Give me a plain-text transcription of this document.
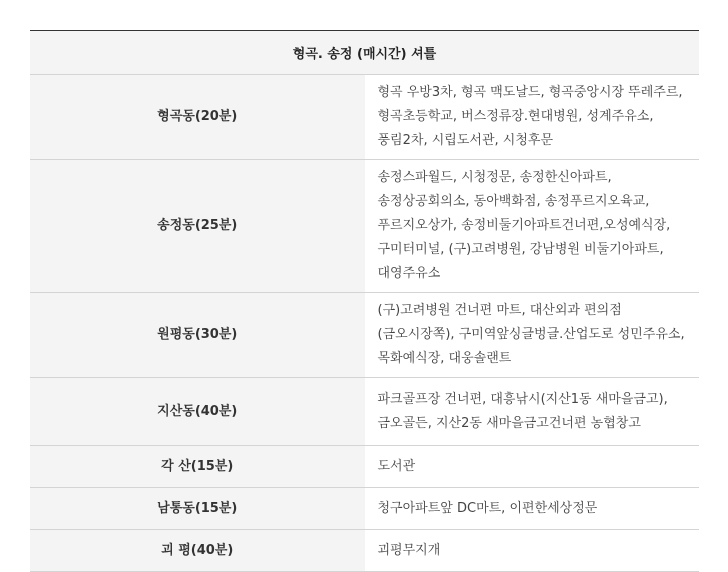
형곡. 송정 (매시간) 셔틀	
형곡동(20분)	형곡 우방3차, 형곡 맥도날드, 형곡중앙시장 뚜레주르, 형곡초등학교, 버스정류장.현대병원, 성계주유소, 풍림2차, 시립도서관, 시청후문
송정동(25분)	송정스파월드, 시청정문, 송정한신아파트, 송정상공회의소, 동아백화점, 송정푸르지오육교, 푸르지오상가, 송정비둘기아파트건너편,오성예식장,구미터미널, (구)고려병원, 강남병원 비둘기아파트, 대영주유소
원평동(30분)	(구)고려병원 건너편 마트, 대산외과 편의점(금오시장쪽), 구미역앞싱글벙글.산업도로 성민주유소, 목화예식장, 대웅솔랜트
지산동(40분)	파크골프장 건너편, 대흥낚시(지산1동 새마을금고), 금오골든, 지산2동 새마을금고건너편 농협창고
각 산(15분)	도서관
남통동(15분)	청구아파트앞 DC마트, 이편한세상정문
괴 평(40분)	괴평무지개
